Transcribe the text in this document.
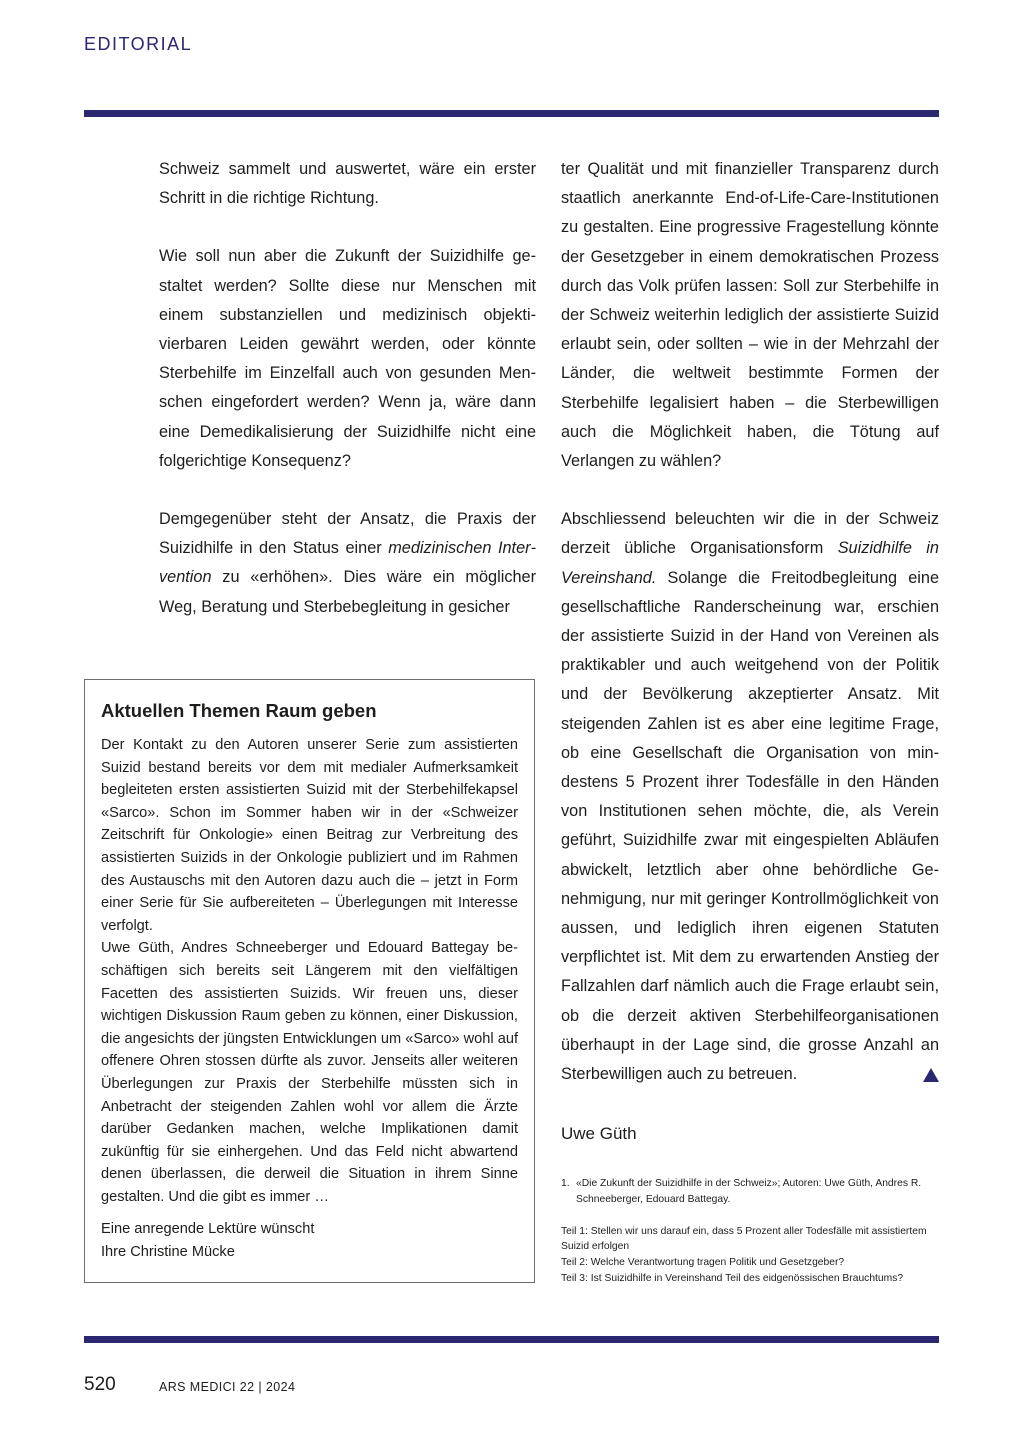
EDITORIAL

Schweiz sammelt und auswertet, wäre ein erster Schritt in die richtige Richtung.

Wie soll nun aber die Zukunft der Suizidhilfe gestaltet werden? Sollte diese nur Menschen mit einem substanziellen und medizinisch objektivierbaren Leiden gewährt werden, oder könnte Sterbehilfe im Einzelfall auch von gesunden Menschen eingefordert werden? Wenn ja, wäre dann eine Demedikalisierung der Suizidhilfe nicht eine folgerichtige Konsequenz?

Demgegenüber steht der Ansatz, die Praxis der Suizidhilfe in den Status einer medizinischen Intervention zu «erhöhen». Dies wäre ein möglicher Weg, Beratung und Sterbebegleitung in gesicher

ter Qualität und mit finanzieller Transparenz durch staatlich anerkannte End-of-Life-Care-Institutionen zu gestalten. Eine progressive Fragestellung könnte der Gesetzgeber in einem demokratischen Prozess durch das Volk prüfen lassen: Soll zur Sterbehilfe in der Schweiz weiterhin lediglich der assistierte Suizid erlaubt sein, oder sollten – wie in der Mehrzahl der Länder, die weltweit bestimmte Formen der Sterbehilfe legalisiert haben – die Sterbewilligen auch die Möglichkeit haben, die Tötung auf Verlangen zu wählen?

Abschliessend beleuchten wir die in der Schweiz derzeit übliche Organisationsform Suizidhilfe in Vereinshand. Solange die Freitodbegleitung eine gesellschaftliche Randerscheinung war, erschien der assistierte Suizid in der Hand von Vereinen als praktikabler und auch weitgehend von der Politik und der Bevölkerung akzeptierter Ansatz. Mit steigenden Zahlen ist es aber eine legitime Frage, ob eine Gesellschaft die Organisation von mindestens 5 Prozent ihrer Todesfälle in den Händen von Institutionen sehen möchte, die, als Verein geführt, Suizidhilfe zwar mit eingespielten Abläufen abwickelt, letztlich aber ohne behördliche Genehmigung, nur mit geringer Kontrollmöglichkeit von aussen, und lediglich ihren eigenen Statuten verpflichtet ist. Mit dem zu erwartenden Anstieg der Fallzahlen darf nämlich auch die Frage erlaubt sein, ob die derzeit aktiven Sterbehilfeorganisationen überhaupt in der Lage sind, die grosse Anzahl an Sterbewilligen auch zu betreuen.

Uwe Güth
1. «Die Zukunft der Suizidhilfe in der Schweiz»; Autoren: Uwe Güth, Andres R. Schneeberger, Edouard Battegay.

Teil 1: Stellen wir uns darauf ein, dass 5 Prozent aller Todesfälle mit assistiertem Suizid erfolgen

Teil 2: Welche Verantwortung tragen Politik und Gesetzgeber?

Teil 3: Ist Suizidhilfe in Vereinshand Teil des eidgenössischen Brauchtums?

Aktuellen Themen Raum geben

Der Kontakt zu den Autoren unserer Serie zum assistierten Suizid bestand bereits vor dem mit medialer Aufmerksamkeit begleiteten ersten assistierten Suizid mit der Sterbehilfekapsel «Sarco». Schon im Sommer haben wir in der «Schweizer Zeitschrift für Onkologie» einen Beitrag zur Verbreitung des assistierten Suizids in der Onkologie publiziert und im Rahmen des Austauschs mit den Autoren dazu auch die – jetzt in Form einer Serie für Sie aufbereiteten – Überlegungen mit Interesse verfolgt.

Uwe Güth, Andres Schneeberger und Edouard Battegay beschäftigen sich bereits seit Längerem mit den vielfältigen Facetten des assistierten Suizids. Wir freuen uns, dieser wichtigen Diskussion Raum geben zu können, einer Diskussion, die angesichts der jüngsten Entwicklungen um «Sarco» wohl auf offenere Ohren stossen dürfte als zuvor. Jenseits aller weiteren Überlegungen zur Praxis der Sterbehilfe müssten sich in Anbetracht der steigenden Zahlen wohl vor allem die Ärzte darüber Gedanken machen, welche Implikationen damit zukünftig für sie einhergehen. Und das Feld nicht abwartend denen überlassen, die derweil die Situation in ihrem Sinne gestalten. Und die gibt es immer …

Eine anregende Lektüre wünscht
Ihre Christine Mücke

520	ARS MEDICI 22 | 2024
